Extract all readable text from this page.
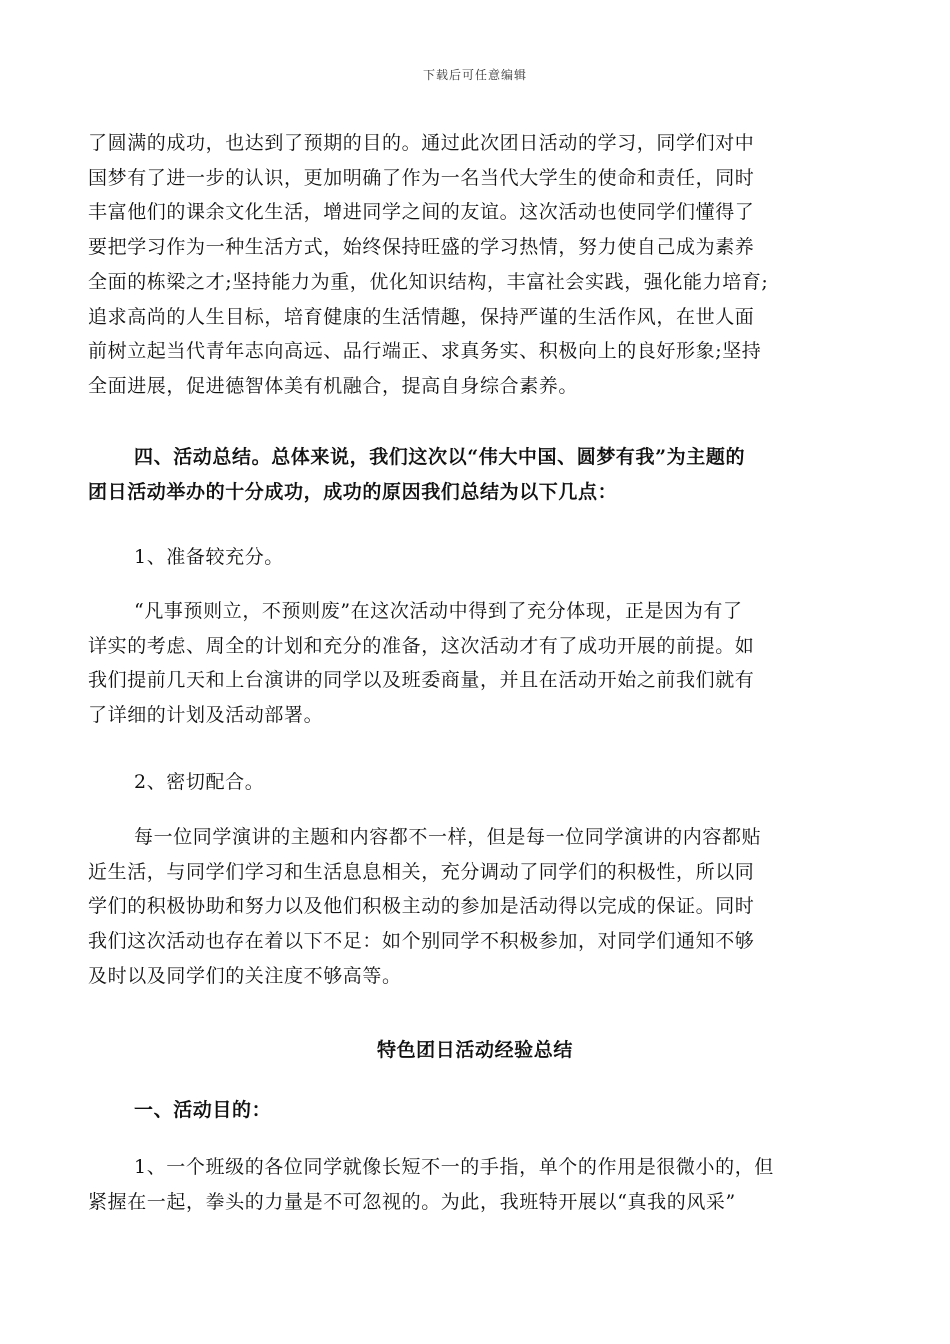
下载后可任意编辑
了圆满的成功，也达到了预期的目的。通过此次团日活动的学习，同学们对中
国梦有了进一步的认识，更加明确了作为一名当代大学生的使命和责任，同时
丰富他们的课余文化生活，增进同学之间的友谊。这次活动也使同学们懂得了
要把学习作为一种生活方式，始终保持旺盛的学习热情，努力使自己成为素养
全面的栋梁之才;坚持能力为重，优化知识结构，丰富社会实践，强化能力培育;
追求高尚的人生目标，培育健康的生活情趣，保持严谨的生活作风，在世人面
前树立起当代青年志向高远、品行端正、求真务实、积极向上的良好形象;坚持
全面进展，促进德智体美有机融合，提高自身综合素养。
四、活动总结。总体来说，我们这次以“伟大中国、圆梦有我”为主题的
团日活动举办的十分成功，成功的原因我们总结为以下几点：
1、准备较充分。
“凡事预则立，不预则废”在这次活动中得到了充分体现，正是因为有了
详实的考虑、周全的计划和充分的准备，这次活动才有了成功开展的前提。如
我们提前几天和上台演讲的同学以及班委商量，并且在活动开始之前我们就有
了详细的计划及活动部署。
2、密切配合。
每一位同学演讲的主题和内容都不一样，但是每一位同学演讲的内容都贴
近生活，与同学们学习和生活息息相关，充分调动了同学们的积极性，所以同
学们的积极协助和努力以及他们积极主动的参加是活动得以完成的保证。同时
我们这次活动也存在着以下不足：如个别同学不积极参加，对同学们通知不够
及时以及同学们的关注度不够高等。
特色团日活动经验总结
一、活动目的：
1、一个班级的各位同学就像长短不一的手指，单个的作用是很微小的，但
紧握在一起，拳头的力量是不可忽视的。为此，我班特开展以“真我的风采”
